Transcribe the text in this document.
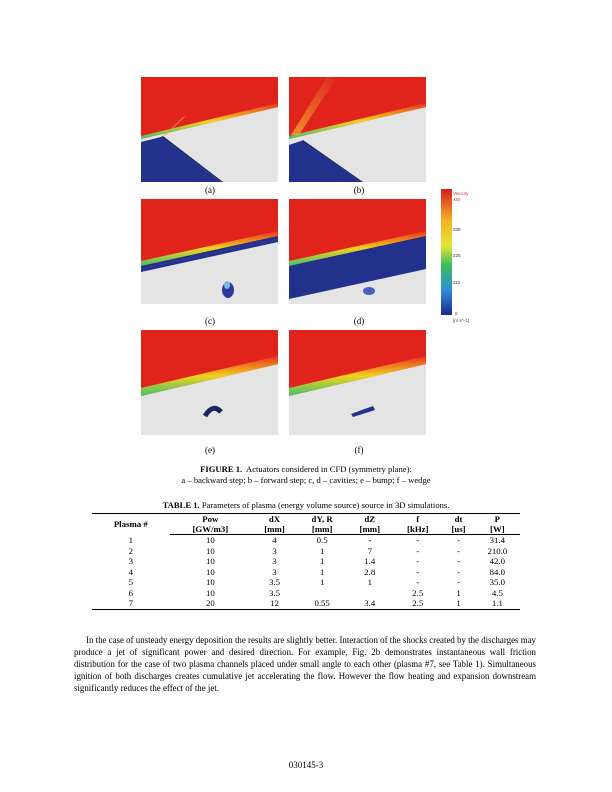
(a)	(b)
(c)	(d)
(e)	(f)
Velocity
450
338
225
113
0
[m s^-1]
FIGURE 1. Actuators considered in CFD (symmetry plane):
a – backward step; b – forward step; c, d – cavities; e – bump; f – wedge
TABLE 1. Parameters of plasma (energy volume source) source in 3D simulations.
Plasma #	Pow	dX	dY, R	dZ	f	dt	P
	[GW/m3]	[mm]	[mm]	[mm]	[kHz]	[us]	[W]
1	10	4	0.5	-	-	-	31.4
2	10	3	1	7	-	-	210.0
3	10	3	1	1.4	-	-	42.0
4	10	3	1	2.8	-	-	84.0
5	10	3.5	1	1	-	-	35.0
6	10	3.5			2.5	1	4.5
7	20	12	0.55	3.4	2.5	1	1.1
In the case of unsteady energy deposition the results are slightly better. Interaction of the shocks created by the discharges may produce a jet of significant power and desired direction. For example, Fig. 2b demonstrates instantaneous wall friction distribution for the case of two plasma channels placed under small angle to each other (plasma #7, see Table 1). Simultaneous ignition of both discharges creates cumulative jet accelerating the flow. However the flow heating and expansion downstream significantly reduces the effect of the jet.
030145-3
